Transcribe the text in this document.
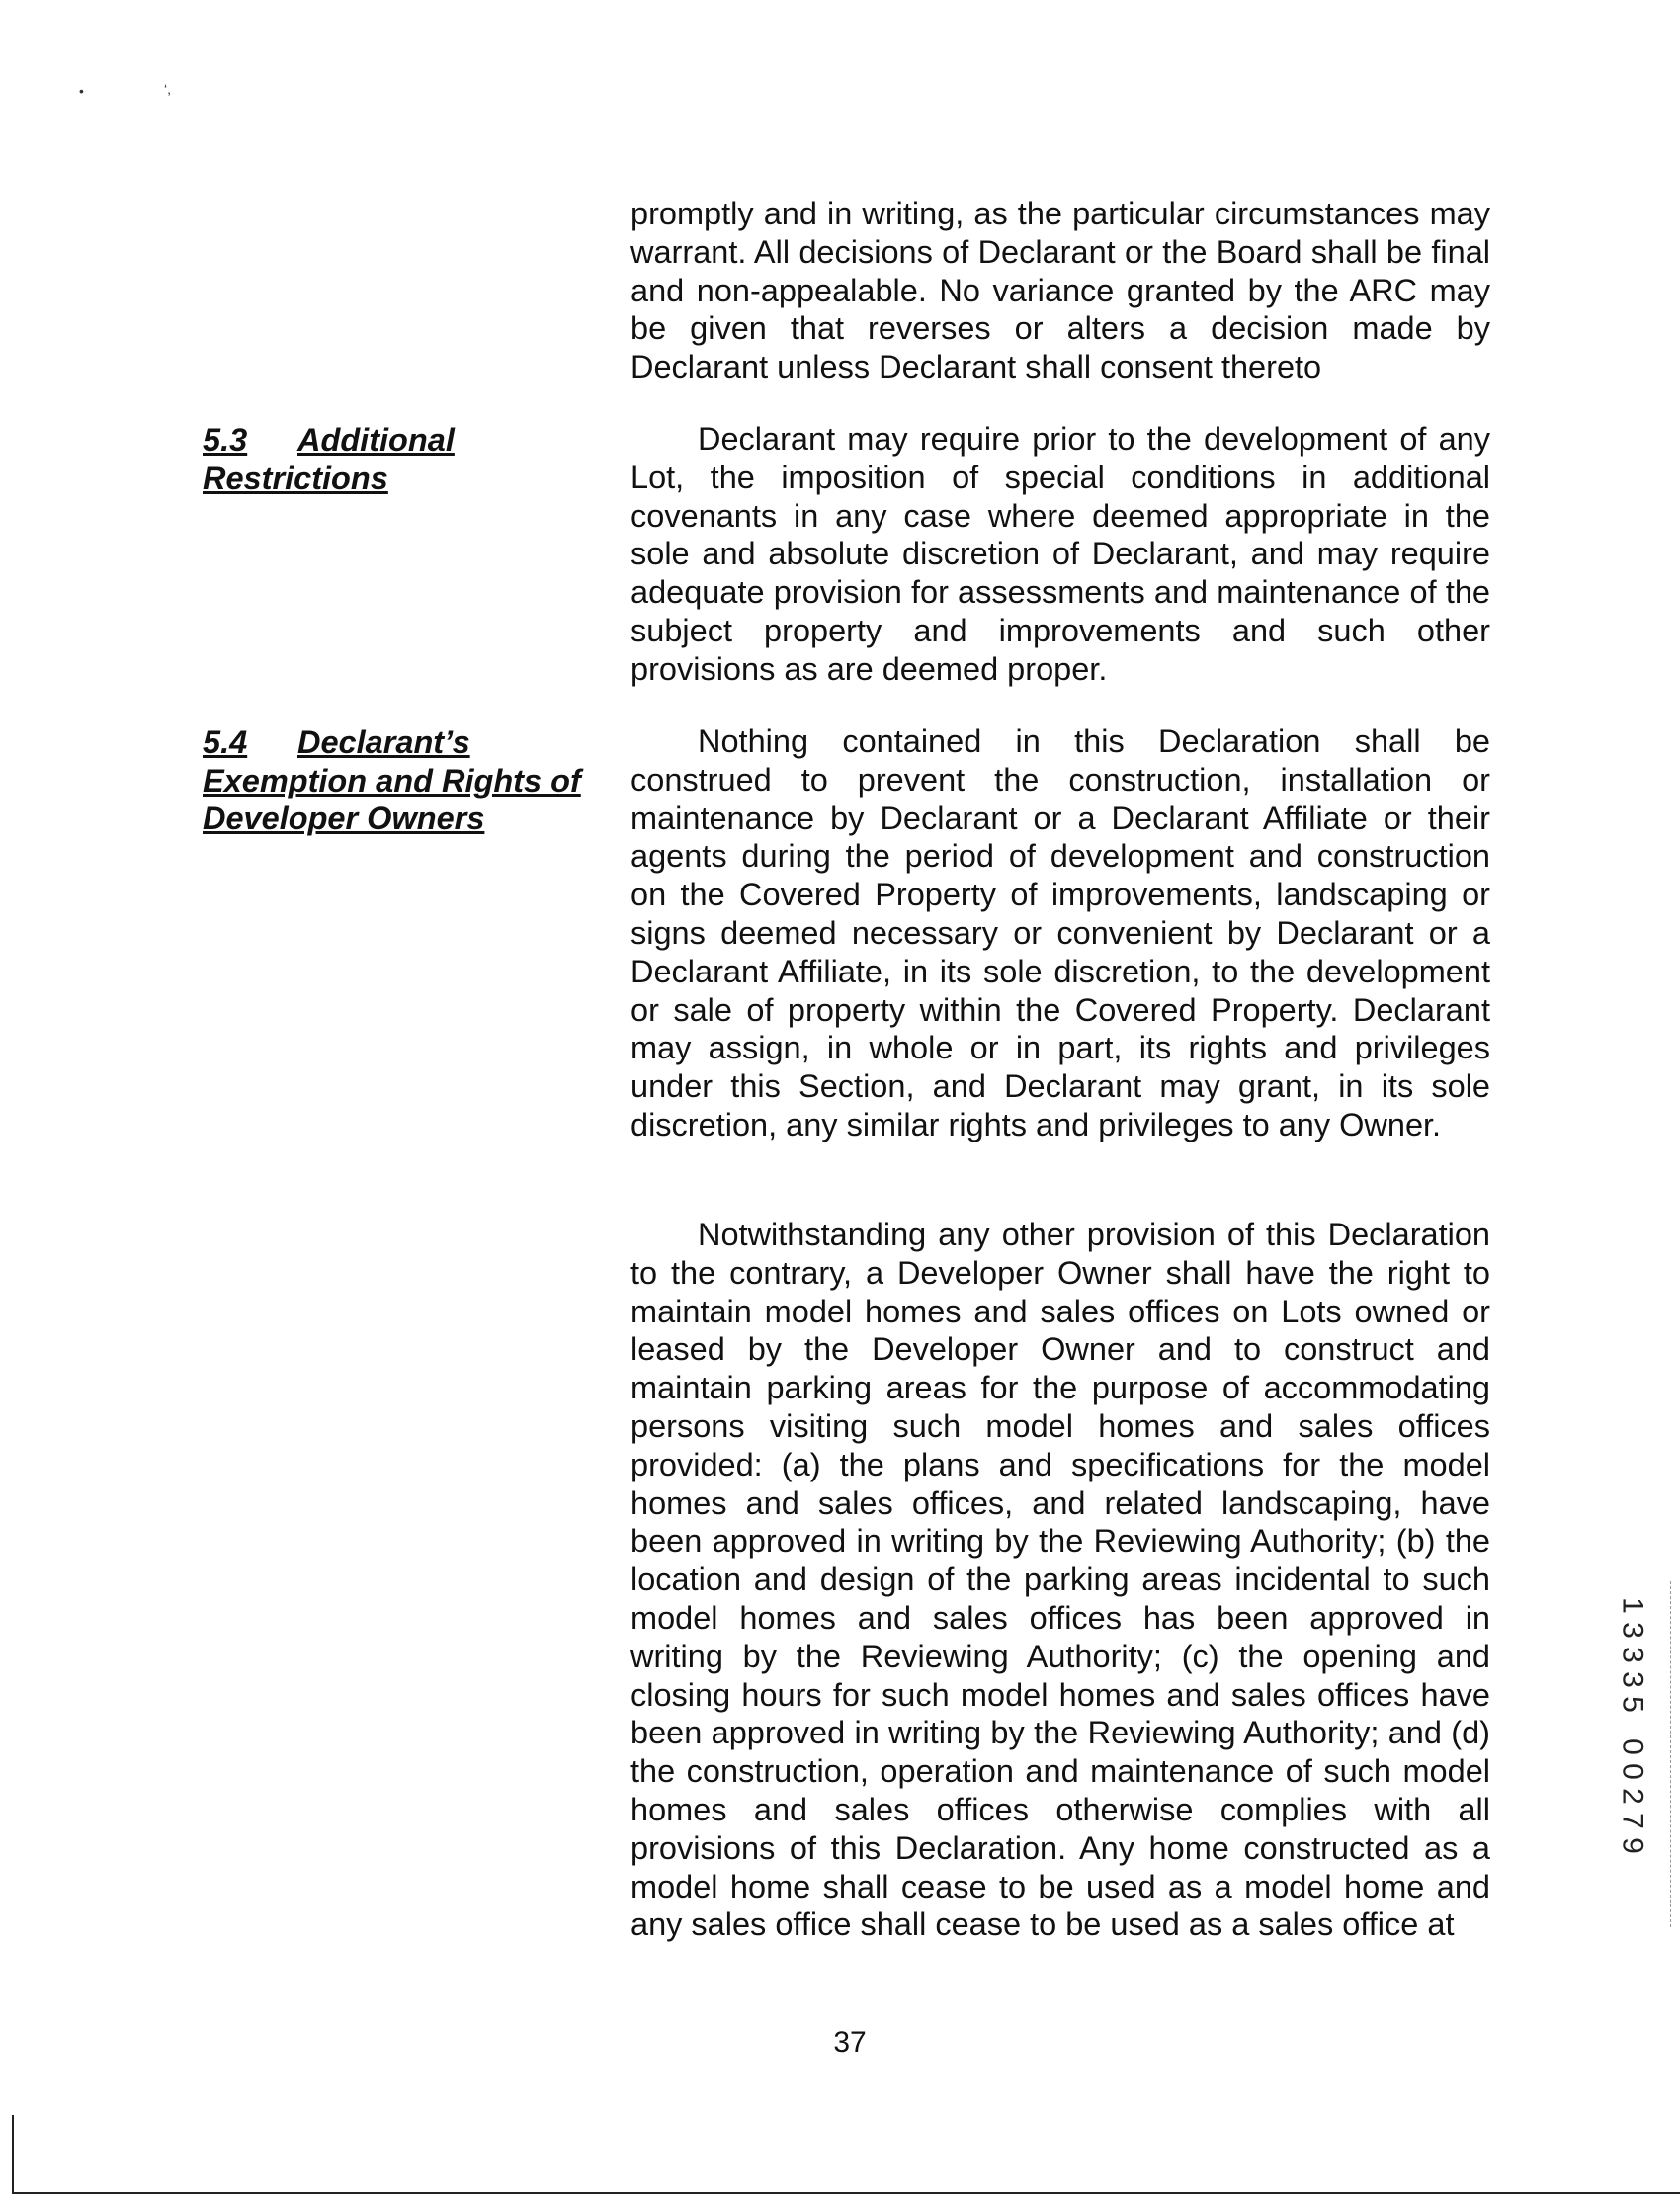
•	‘,

promptly and in writing, as the particular circumstances may warrant. All decisions of Declarant or the Board shall be final and non-appealable. No variance granted by the ARC may be given that reverses or alters a decision made by Declarant unless Declarant shall consent thereto

5.3 Additional
Restrictions

Declarant may require prior to the development of any Lot, the imposition of special conditions in additional covenants in any case where deemed appropriate in the sole and absolute discretion of Declarant, and may require adequate provision for assessments and maintenance of the subject property and improvements and such other provisions as are deemed proper.

5.4 Declarant’s
Exemption and Rights of
Developer Owners

Nothing contained in this Declaration shall be construed to prevent the construction, installation or maintenance by Declarant or a Declarant Affiliate or their agents during the period of development and construction on the Covered Property of improvements, landscaping or signs deemed necessary or convenient by Declarant or a Declarant Affiliate, in its sole discretion, to the development or sale of property within the Covered Property. Declarant may assign, in whole or in part, its rights and privileges under this Section, and Declarant may grant, in its sole discretion, any similar rights and privileges to any Owner.

Notwithstanding any other provision of this Declaration to the contrary, a Developer Owner shall have the right to maintain model homes and sales offices on Lots owned or leased by the Developer Owner and to construct and maintain parking areas for the purpose of accommodating persons visiting such model homes and sales offices provided: (a) the plans and specifications for the model homes and sales offices, and related landscaping, have been approved in writing by the Reviewing Authority; (b) the location and design of the parking areas incidental to such model homes and sales offices has been approved in writing by the Reviewing Authority; (c) the opening and closing hours for such model homes and sales offices have been approved in writing by the Reviewing Authority; and (d) the construction, operation and maintenance of such model homes and sales offices otherwise complies with all provisions of this Declaration. Any home constructed as a model home shall cease to be used as a model home and any sales office shall cease to be used as a sales office at

37
1
3
3
3
5
0
0
2
7
9
